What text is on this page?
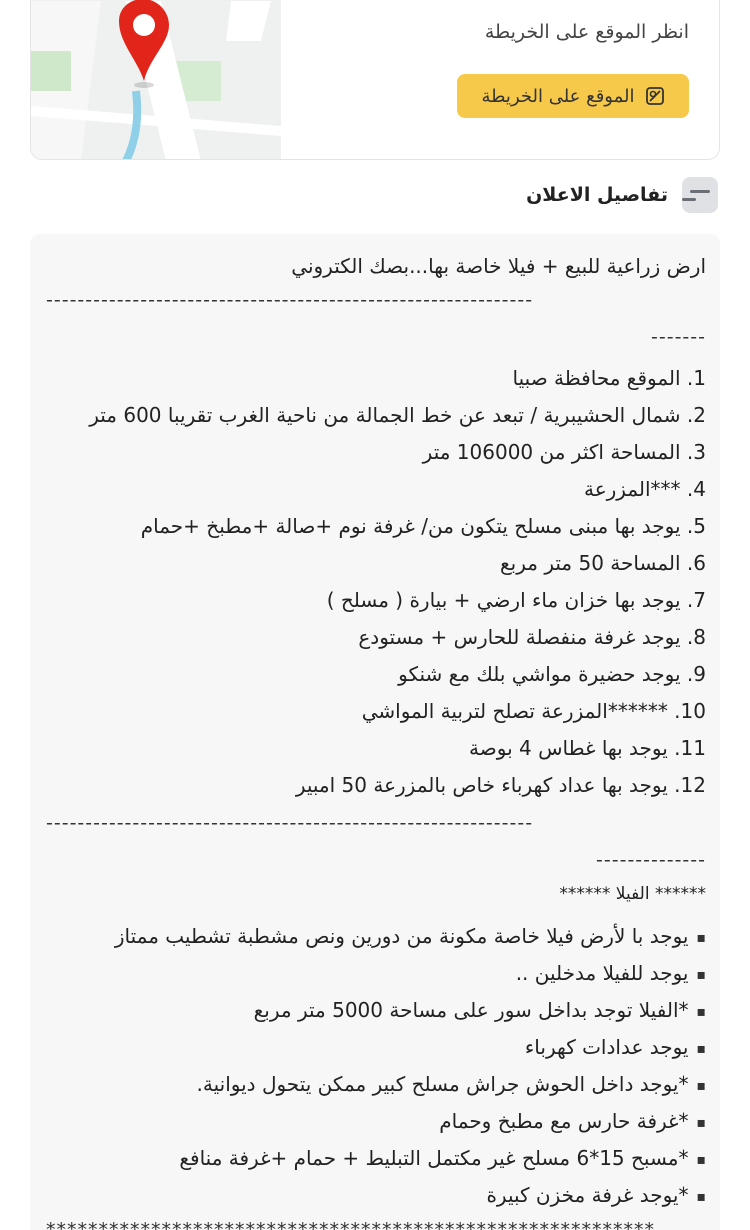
انظر الموقع على الخريطة
الموقع على الخريطة
تفاصيل الاعلان
ارض زراعية للبيع + فيلا خاصة بها...بصك الكتروني
--------------------------------------------------------------
-------
1. الموقع محافظة صبيا
2. شمال الحشيبرية / تبعد عن خط الجمالة من ناحية الغرب تقريبا 600 متر
3. المساحة اكثر من 106000 متر
4. ***المزرعة
5. يوجد بها مبنى مسلح يتكون من/ غرفة نوم +صالة +مطبخ +حمام
6. المساحة 50 متر مربع
7. يوجد بها خزان ماء ارضي + بيارة ( مسلح )
8. يوجد غرفة منفصلة للحارس + مستودع
9. يوجد حضيرة مواشي بلك مع شنكو
10. ******المزرعة تصلح لتربية المواشي
11. يوجد بها غطاس 4 بوصة
12. يوجد بها عداد كهرباء خاص بالمزرعة 50 امبير
--------------------------------------------------------------
--------------
****** الفيلا ******
▪ يوجد با لأرض فيلا خاصة مكونة من دورين ونص مشطبة تشطيب ممتاز
▪ يوجد للفيلا مدخلين ..
▪ *الفيلا توجد بداخل سور على مساحة 5000 متر مربع
▪ يوجد عدادات كهرباء
▪ *يوجد داخل الحوش جراش مسلح كبير ممكن يتحول ديوانية.
▪ *غرفة حارس مع مطبخ وحمام
▪ *مسبح 15*6 مسلح غير مكتمل التبليط + حمام +غرفة منافع
▪ *يوجد غرفة مخزن كبيرة
**********************************************************
